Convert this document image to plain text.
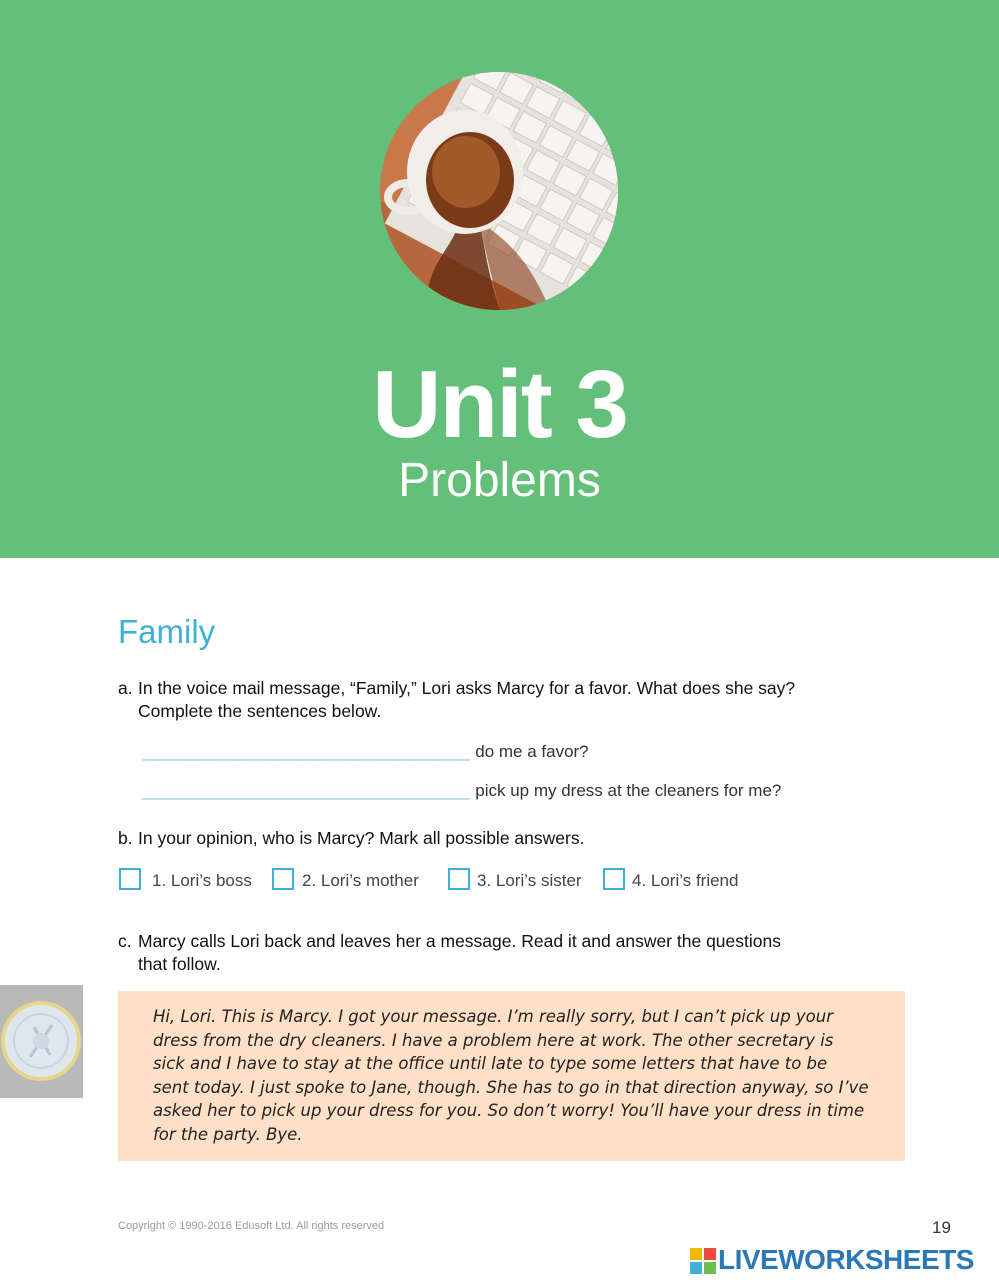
Unit 3
Problems
Family
a. In the voice mail message, “Family,” Lori asks Marcy for a favor. What does she say?
Complete the sentences below.
_________________________________ do me a favor?
_________________________________ pick up my dress at the cleaners for me?
b. In your opinion, who is Marcy? Mark all possible answers.
1. Lori’s boss	2. Lori’s mother	3. Lori’s sister	4. Lori’s friend
c. Marcy calls Lori back and leaves her a message. Read it and answer the questions
that follow.
Hi, Lori. This is Marcy. I got your message. I’m really sorry, but I can’t pick up your
dress from the dry cleaners. I have a problem here at work. The other secretary is
sick and I have to stay at the office until late to type some letters that have to be
sent today. I just spoke to Jane, though. She has to go in that direction anyway, so I’ve
asked her to pick up your dress for you. So don’t worry! You’ll have your dress in time
for the party. Bye.
Copyright © 1990-2016 Edusoft Ltd. All rights reserved	19
LIVEWORKSHEETS
